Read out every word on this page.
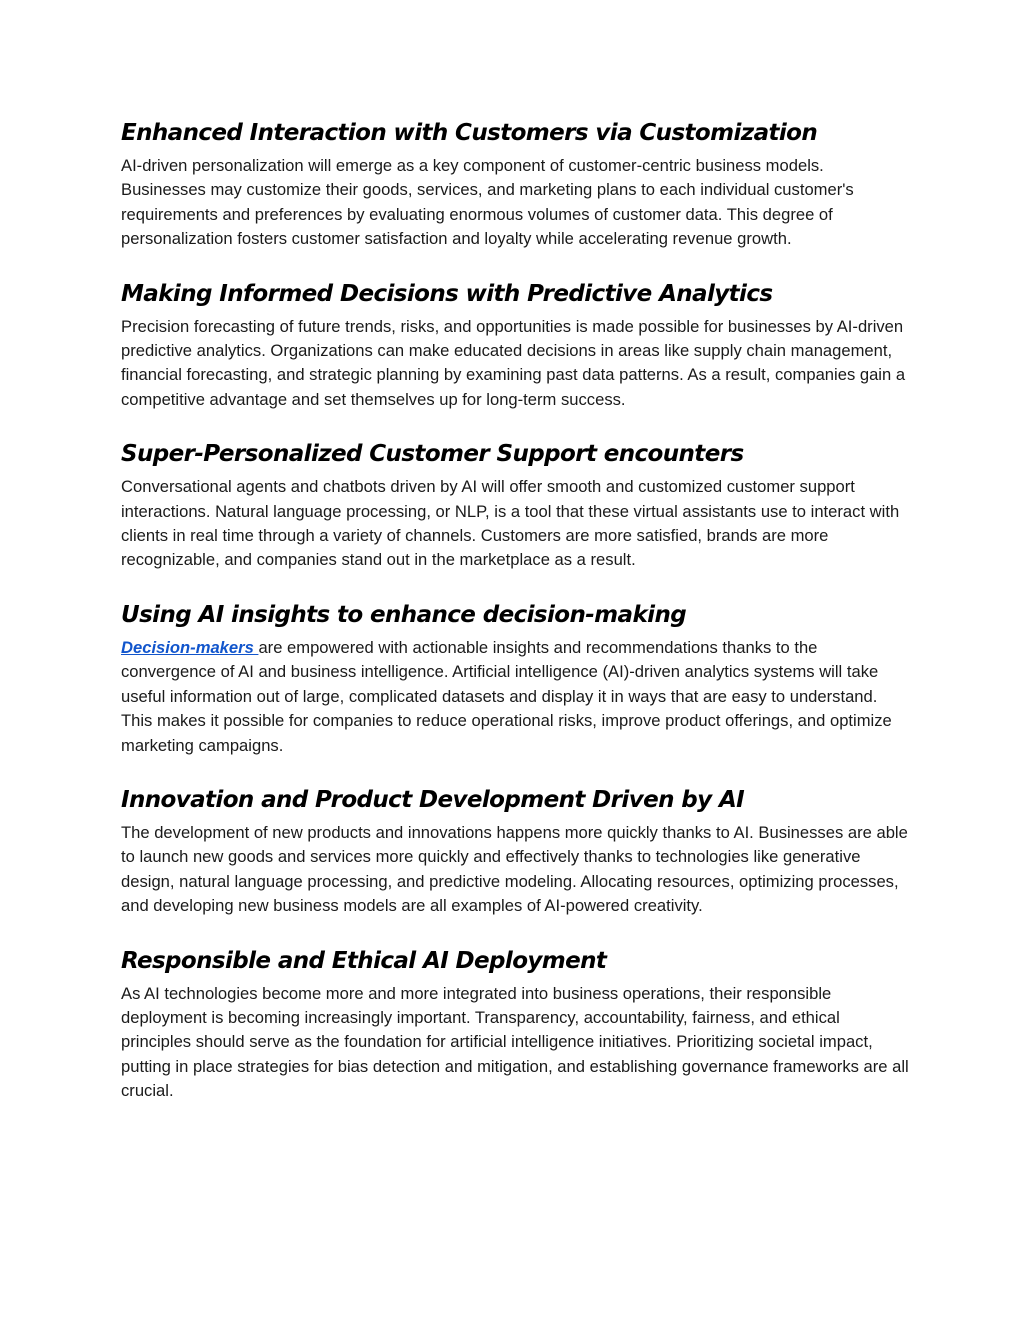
Enhanced Interaction with Customers via Customization

AI-driven personalization will emerge as a key component of customer-centric business models. Businesses may customize their goods, services, and marketing plans to each individual customer's requirements and preferences by evaluating enormous volumes of customer data. This degree of personalization fosters customer satisfaction and loyalty while accelerating revenue growth.

Making Informed Decisions with Predictive Analytics

Precision forecasting of future trends, risks, and opportunities is made possible for businesses by AI-driven predictive analytics. Organizations can make educated decisions in areas like supply chain management, financial forecasting, and strategic planning by examining past data patterns. As a result, companies gain a competitive advantage and set themselves up for long-term success.

Super-Personalized Customer Support encounters

Conversational agents and chatbots driven by AI will offer smooth and customized customer support interactions. Natural language processing, or NLP, is a tool that these virtual assistants use to interact with clients in real time through a variety of channels. Customers are more satisfied, brands are more recognizable, and companies stand out in the marketplace as a result.

Using AI insights to enhance decision-making

Decision-makers are empowered with actionable insights and recommendations thanks to the convergence of AI and business intelligence. Artificial intelligence (AI)-driven analytics systems will take useful information out of large, complicated datasets and display it in ways that are easy to understand. This makes it possible for companies to reduce operational risks, improve product offerings, and optimize marketing campaigns.

Innovation and Product Development Driven by AI

The development of new products and innovations happens more quickly thanks to AI. Businesses are able to launch new goods and services more quickly and effectively thanks to technologies like generative design, natural language processing, and predictive modeling. Allocating resources, optimizing processes, and developing new business models are all examples of AI-powered creativity.

Responsible and Ethical AI Deployment

As AI technologies become more and more integrated into business operations, their responsible deployment is becoming increasingly important. Transparency, accountability, fairness, and ethical principles should serve as the foundation for artificial intelligence initiatives. Prioritizing societal impact, putting in place strategies for bias detection and mitigation, and establishing governance frameworks are all crucial.
